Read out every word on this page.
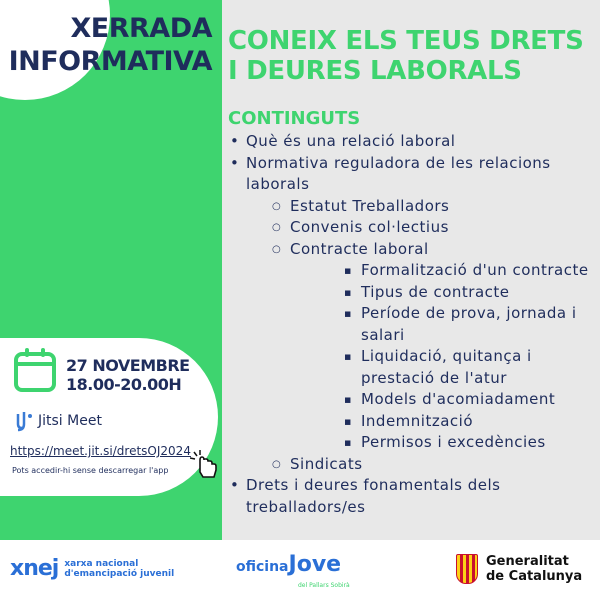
XERRADA
INFORMATIVA
CONEIX ELS TEUS DRETS
I DEURES LABORALS
CONTINGUTS
• Què és una relació laboral
• Normativa reguladora de les relacions laborals
○ Estatut Treballadors
○ Convenis col·lectius
○ Contracte laboral
▪ Formalització d'un contracte
▪ Tipus de contracte
▪ Període de prova, jornada i salari
▪ Liquidació, quitança i prestació de l'atur
▪ Models d'acomiadament
▪ Indemnització
▪ Permisos i excedències
○ Sindicats
• Drets i deures fonamentals dels treballadors/es
27 NOVEMBRE
18.00-20.00H
Jitsi Meet
https://meet.jit.si/dretsOJ2024
Pots accedir-hi sense descarregar l'app
xnej xarxa nacional
d'emancipació juvenil	oficinaJove
del Pallars Sobirà
Generalitat
de Catalunya
